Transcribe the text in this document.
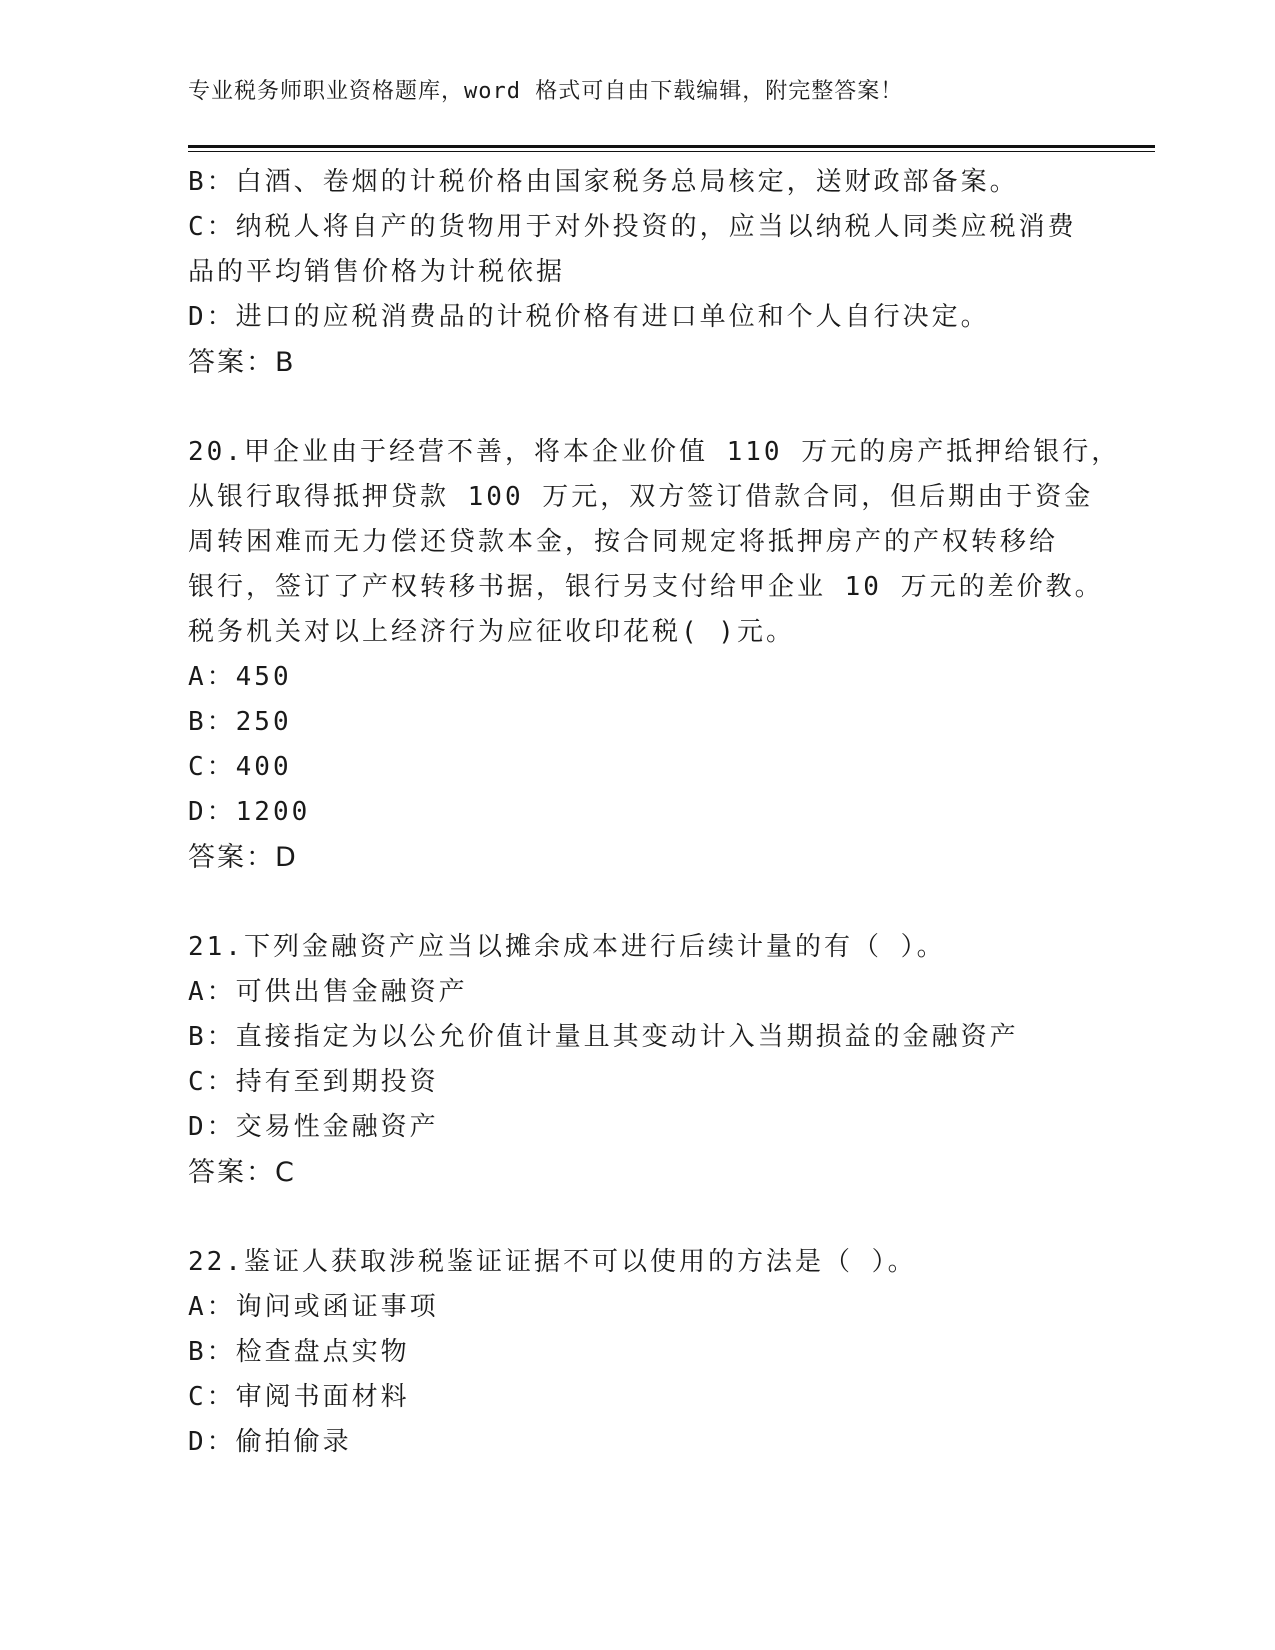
专业税务师职业资格题库，word 格式可自由下载编辑，附完整答案！
B：白酒、卷烟的计税价格由国家税务总局核定，送财政部备案。
C：纳税人将自产的货物用于对外投资的，应当以纳税人同类应税消费
品的平均销售价格为计税依据
D：进口的应税消费品的计税价格有进口单位和个人自行决定。
答案：B
20.甲企业由于经营不善，将本企业价值 110 万元的房产抵押给银行，
从银行取得抵押贷款 100 万元，双方签订借款合同，但后期由于资金
周转困难而无力偿还贷款本金，按合同规定将抵押房产的产权转移给
银行，签订了产权转移书据，银行另支付给甲企业 10 万元的差价教。
税务机关对以上经济行为应征收印花税( )元。
A：450
B：250
C：400
D：1200
答案：D
21.下列金融资产应当以摊余成本进行后续计量的有（ ）。
A：可供出售金融资产
B：直接指定为以公允价值计量且其变动计入当期损益的金融资产
C：持有至到期投资
D：交易性金融资产
答案：C
22.鉴证人获取涉税鉴证证据不可以使用的方法是（ ）。
A：询问或函证事项
B：检查盘点实物
C：审阅书面材料
D：偷拍偷录
